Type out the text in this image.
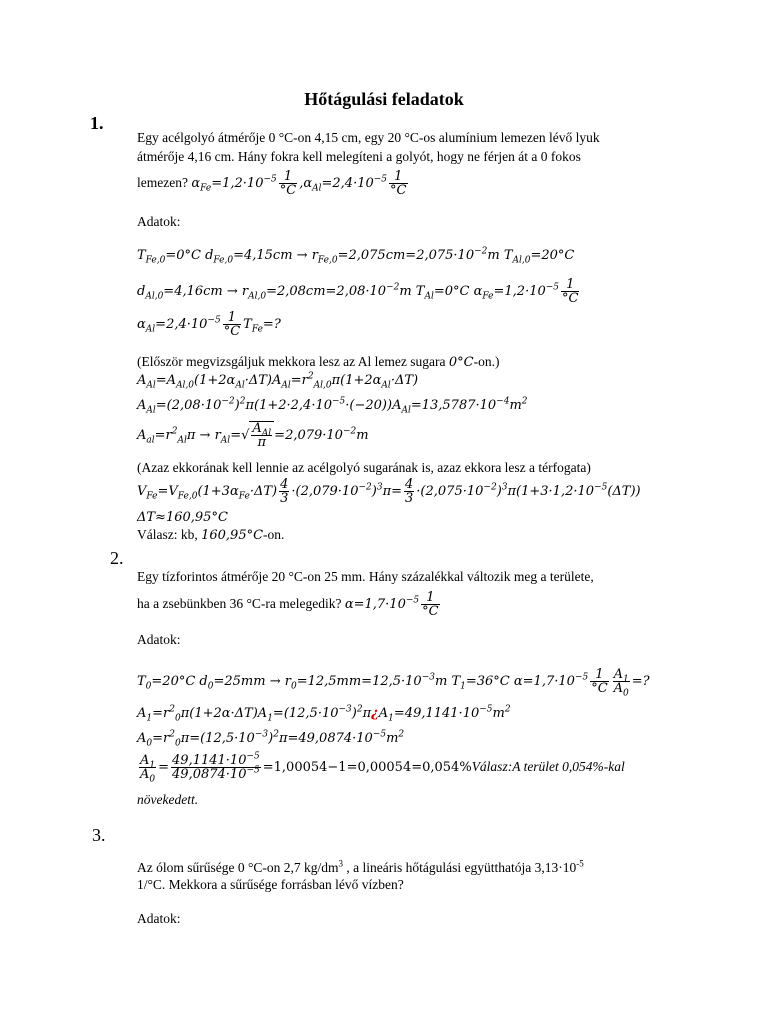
Hőtágulási feladatok
1.
Egy acélgolyó átmérője 0 °C-on 4,15 cm, egy 20 °C-os alumínium lemezen lévő lyuk
átmérője 4,16 cm. Hány fokra kell melegíteni a golyót, hogy ne férjen át a 0 fokos
lemezen? $\alpha_{Fe}=1,2\cdot 10^{-5} \frac{1}{^\circ C} ,\alpha_{Al}=2,4\cdot 10^{-5} \frac{1}{^\circ C}$
Adatok:
$T_{Fe,0}=0^\circ C$ $d_{Fe,0}=4,15cm \to r_{Fe,0}=2,075cm=2,075\cdot 10^{-2}m$ $T_{Al,0}=20^\circ C$
$d_{Al,0}=4,16cm \to r_{Al,0}=2,08cm=2,08\cdot 10^{-2}m$ $T_{Al}=0^\circ C$ $\alpha_{Fe}=1,2\cdot 10^{-5} \frac{1}{^\circ C}$
$\alpha_{Al}=2,4\cdot 10^{-5} \frac{1}{^\circ C} T_{Fe}=$?
(Először megvizsgáljuk mekkora lesz az Al lemez sugara 0°C-on.)
$A_{Al}=A_{Al,0}(1+2\alpha_{Al}\cdot\Delta T)A_{Al}=r^2_{Al,0}\pi(1+2\alpha_{Al}\cdot\Delta T)$
$A_{Al}=(2,08\cdot 10^{-2})^2\pi(1+2\cdot 2,4\cdot 10^{-5}\cdot(-20))A_{Al}=13,5787\cdot 10^{-4}m^2$
$A_{al}=r^2_{Al}\pi \to r_{Al}=√ \frac{A_{Al}}{\pi} =2,079\cdot 10^{-2}m$
(Azaz ekkorának kell lennie az acélgolyó sugarának is, azaz ekkora lesz a térfogata)
$V_{Fe}=V_{Fe,0}(1+3\alpha_{Fe}\cdot\Delta T) \frac{4}{3} \cdot(2,079\cdot 10^{-2})^3\pi= \frac{4}{3} \cdot(2,075\cdot 10^{-2})^3\pi(1+3\cdot 1,2\cdot 10^{-5}(\Delta T))$
ΔT≈160,95°C
Válasz: kb, 160,95°C-on.
2.
Egy tízforintos átmérője 20 °C-on 25 mm. Hány százalékkal változik meg a területe,
ha a zsebünkben 36 °C-ra melegedik? $\alpha=1,7\cdot 10^{-5} \frac{1}{^\circ C}$
Adatok:
$T_0=20^\circ C$ $d_0=25mm \to r_0=12,5mm=12,5\cdot 10^{-3}m$ $T_1=36^\circ C$ $\alpha=1,7\cdot 10^{-5} \frac{1}{^\circ C} \frac{A_1}{A_0}$ =?
$A_1=r^2_0\pi(1+2\alpha\cdot\Delta T)A_1=(12,5\cdot 10^{-3})^2\pi¿A_1=49,1141\cdot 10^{-5}m^2$
$A_0=r^2_0\pi=(12,5\cdot 10^{-3})^2\pi=49,0874\cdot 10^{-5}m^2$
$\frac{A_1}{A_0} = \frac{49,1141\cdot 10^{-5}}{49,0874\cdot 10^{-5}}$ =1,00054−1=0,00054=0,054%Válasz:A terület 0,054%-kal
növekedett.
3.
Az ólom sűrűsége 0 °C-on 2,7 $kg/dm^3$ , a lineáris hőtágulási együtthatója $3,13\cdot 10^{-5}$
1/°C. Mekkora a sűrűsége forrásban lévő vízben?
Adatok:
